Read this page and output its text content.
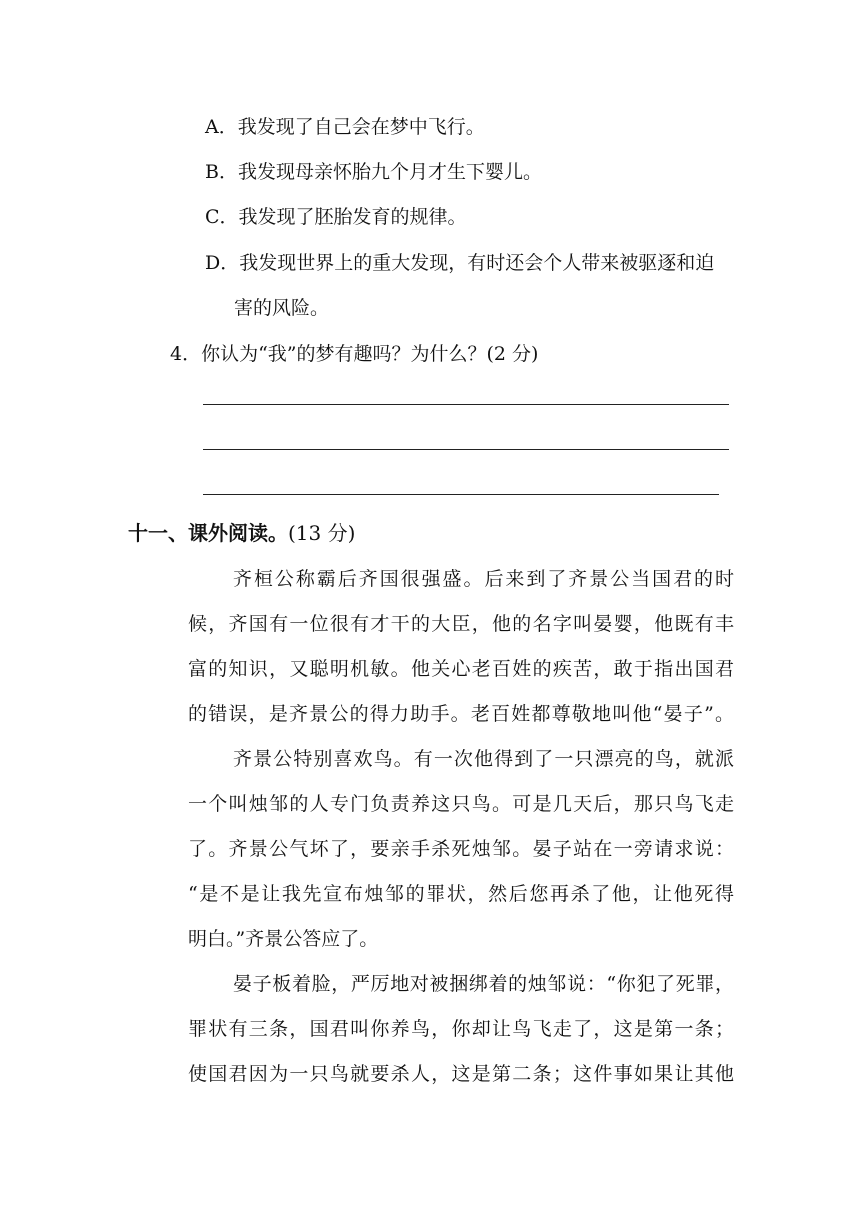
A．我发现了自己会在梦中飞行。
B．我发现母亲怀胎九个月才生下婴儿。
C．我发现了胚胎发育的规律。
D．我发现世界上的重大发现，有时还会个人带来被驱逐和迫
害的风险。
4．你认为“我”的梦有趣吗？为什么？(2 分)
十一、课外阅读。(13 分)
齐桓公称霸后齐国很强盛。后来到了齐景公当国君的时
候，齐国有一位很有才干的大臣，他的名字叫晏婴，他既有丰
富的知识，又聪明机敏。他关心老百姓的疾苦，敢于指出国君
的错误，是齐景公的得力助手。老百姓都尊敬地叫他“晏子”。
齐景公特别喜欢鸟。有一次他得到了一只漂亮的鸟，就派
一个叫烛邹的人专门负责养这只鸟。可是几天后，那只鸟飞走
了。齐景公气坏了，要亲手杀死烛邹。晏子站在一旁请求说：
“是不是让我先宣布烛邹的罪状，然后您再杀了他，让他死得
明白。”齐景公答应了。
晏子板着脸，严厉地对被捆绑着的烛邹说：“你犯了死罪，
罪状有三条，国君叫你养鸟，你却让鸟飞走了，这是第一条；
使国君因为一只鸟就要杀人，这是第二条；这件事如果让其他
